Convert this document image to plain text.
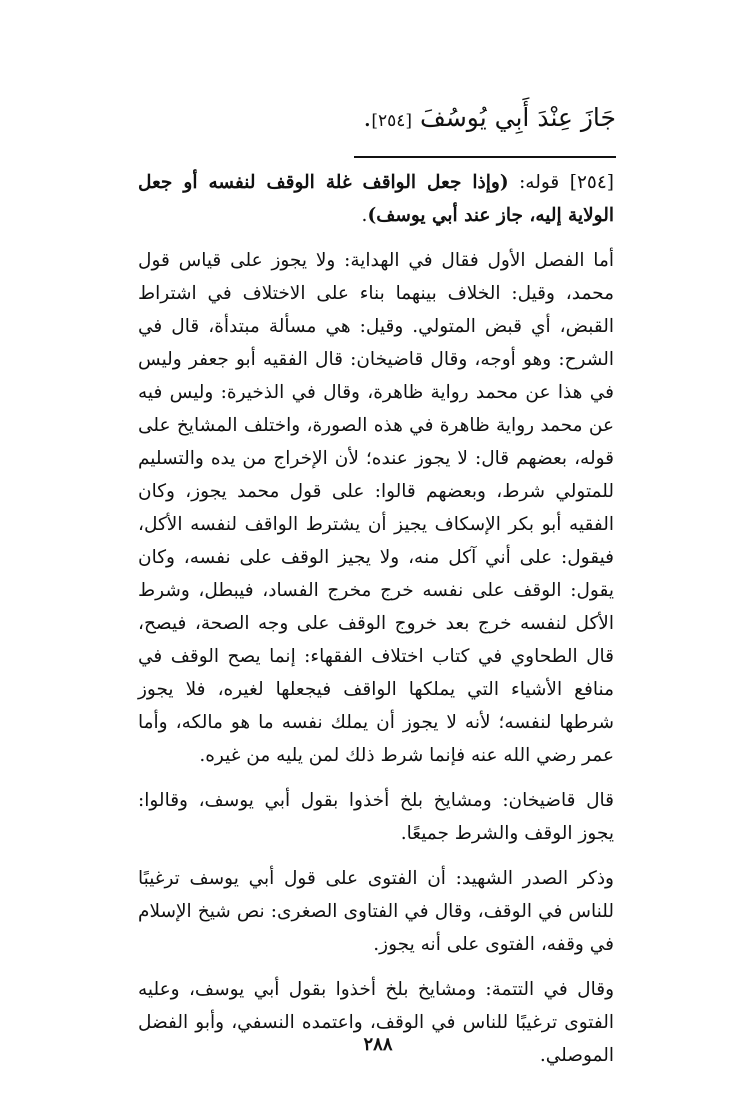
جَازَ عِنْدَ أَبِي يُوسُفَ [٢٥٤].

[٢٥٤] قوله: (وإذا جعل الواقف غلة الوقف لنفسه أو جعل الولاية إليه، جاز عند أبي يوسف).

أما الفصل الأول فقال في الهداية: ولا يجوز على قياس قول محمد، وقيل: الخلاف بينهما بناء على الاختلاف في اشتراط القبض، أي قبض المتولي. وقيل: هي مسألة مبتدأة، قال في الشرح: وهو أوجه، وقال قاضيخان: قال الفقيه أبو جعفر وليس في هذا عن محمد رواية ظاهرة، وقال في الذخيرة: وليس فيه عن محمد رواية ظاهرة في هذه الصورة، واختلف المشايخ على قوله، بعضهم قال: لا يجوز عنده؛ لأن الإخراج من يده والتسليم للمتولي شرط، وبعضهم قالوا: على قول محمد يجوز، وكان الفقيه أبو بكر الإسكاف يجيز أن يشترط الواقف لنفسه الأكل، فيقول: على أني آكل منه، ولا يجيز الوقف على نفسه، وكان يقول: الوقف على نفسه خرج مخرج الفساد، فيبطل، وشرط الأكل لنفسه خرج بعد خروج الوقف على وجه الصحة، فيصح، قال الطحاوي في كتاب اختلاف الفقهاء: إنما يصح الوقف في منافع الأشياء التي يملكها الواقف فيجعلها لغيره، فلا يجوز شرطها لنفسه؛ لأنه لا يجوز أن يملك نفسه ما هو مالكه، وأما عمر رضي الله عنه فإنما شرط ذلك لمن يليه من غيره.

قال قاضيخان: ومشايخ بلخ أخذوا بقول أبي يوسف، وقالوا: يجوز الوقف والشرط جميعًا.

وذكر الصدر الشهيد: أن الفتوى على قول أبي يوسف ترغيبًا للناس في الوقف، وقال في الفتاوى الصغرى: نص شيخ الإسلام في وقفه، الفتوى على أنه يجوز.

وقال في التتمة: ومشايخ بلخ أخذوا بقول أبي يوسف، وعليه الفتوى ترغيبًا للناس في الوقف، واعتمده النسفي، وأبو الفضل الموصلي.

٢٨٨
